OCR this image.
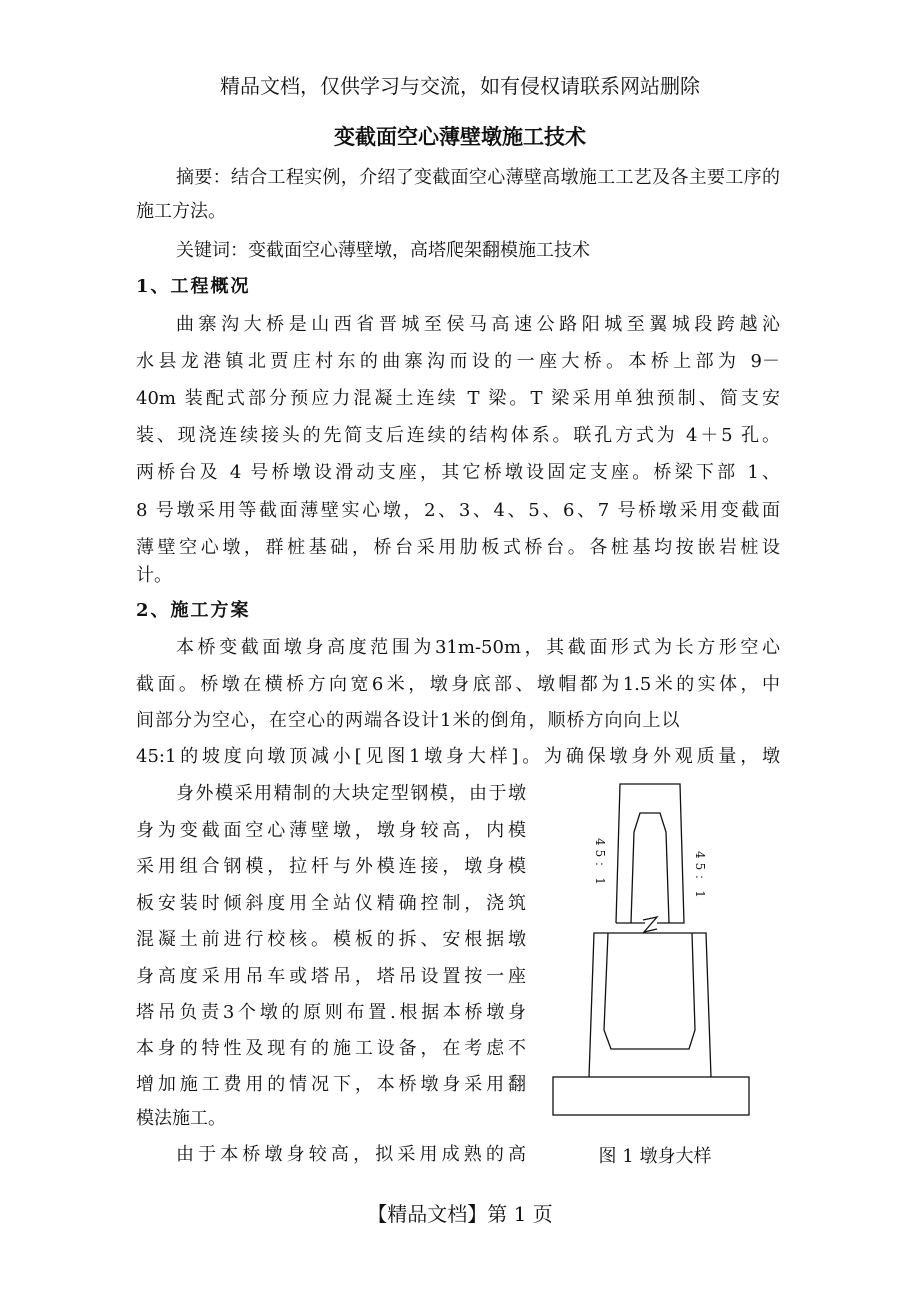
精品文档，仅供学习与交流，如有侵权请联系网站删除
变截面空心薄壁墩施工技术
摘要：结合工程实例，介绍了变截面空心薄壁高墩施工工艺及各主要工序的
施工方法。
关键词：变截面空心薄壁墩，高塔爬架翻模施工技术
1、工程概况
曲寨沟大桥是山西省晋城至侯马高速公路阳城至翼城段跨越沁
水县龙港镇北贾庄村东的曲寨沟而设的一座大桥。本桥上部为 9－
40m 装配式部分预应力混凝土连续 T 梁。T 梁采用单独预制、简支安
装、现浇连续接头的先简支后连续的结构体系。联孔方式为 4＋5 孔。
两桥台及 4 号桥墩设滑动支座，其它桥墩设固定支座。桥梁下部 1、
8 号墩采用等截面薄壁实心墩，2、3、4、5、6、7 号桥墩采用变截面
薄壁空心墩，群桩基础，桥台采用肋板式桥台。各桩基均按嵌岩桩设
计。
2、施工方案
本桥变截面墩身高度范围为31m-50m，其截面形式为长方形空心
截面。桥墩在横桥方向宽6米，墩身底部、墩帽都为1.5米的实体，中
间部分为空心，在空心的两端各设计1米的倒角，顺桥方向向上以
45:1的坡度向墩顶减小[见图1墩身大样]。为确保墩身外观质量，墩
身外模采用精制的大块定型钢模，由于墩
身为变截面空心薄壁墩，墩身较高，内模
采用组合钢模，拉杆与外模连接，墩身模
板安装时倾斜度用全站仪精确控制，浇筑
混凝土前进行校核。模板的拆、安根据墩
身高度采用吊车或塔吊，塔吊设置按一座
塔吊负责3个墩的原则布置.根据本桥墩身
本身的特性及现有的施工设备，在考虑不
增加施工费用的情况下，本桥墩身采用翻
模法施工。
由于本桥墩身较高，拟采用成熟的高
45：1	45：1
图 1 墩身大样
【精品文档】第 1 页
